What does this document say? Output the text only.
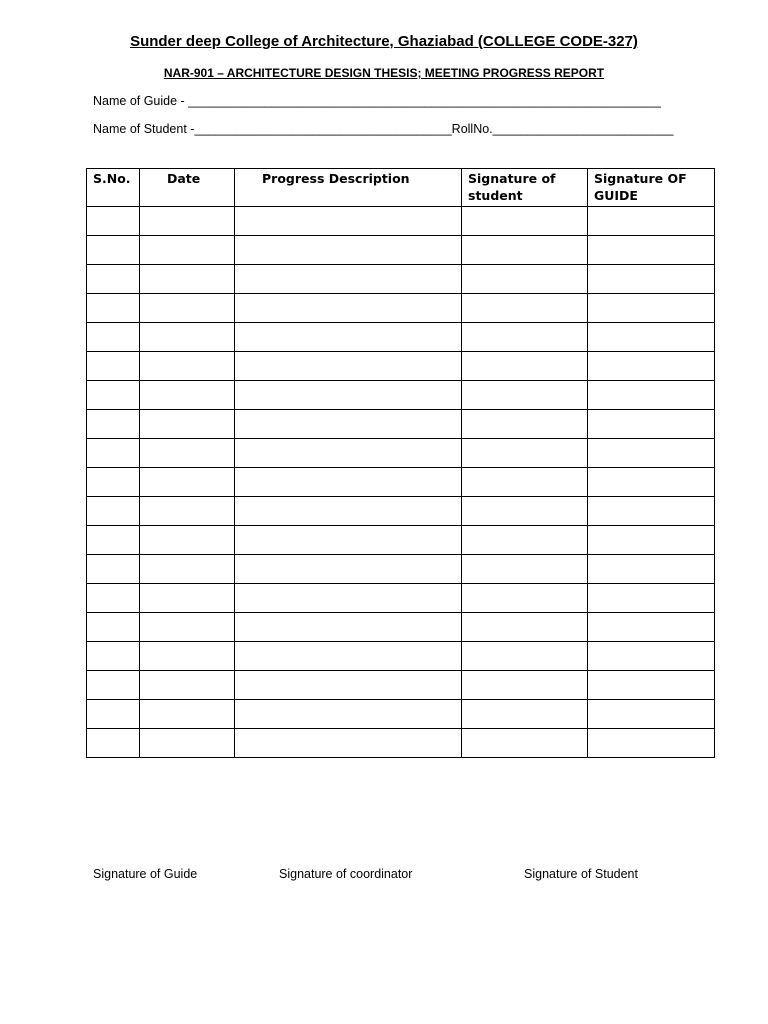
Sunder deep College of Architecture, Ghaziabad (COLLEGE CODE-327)
NAR-901 – ARCHITECTURE DESIGN THESIS; MEETING PROGRESS REPORT
Name of Guide - ____________________________________________________________________
Name of Student -_____________________________________RollNo.__________________________
S.No.	Date	Progress Description	Signature of student	Signature OF GUIDE

Signature of Guide	Signature of coordinator	Signature of Student
